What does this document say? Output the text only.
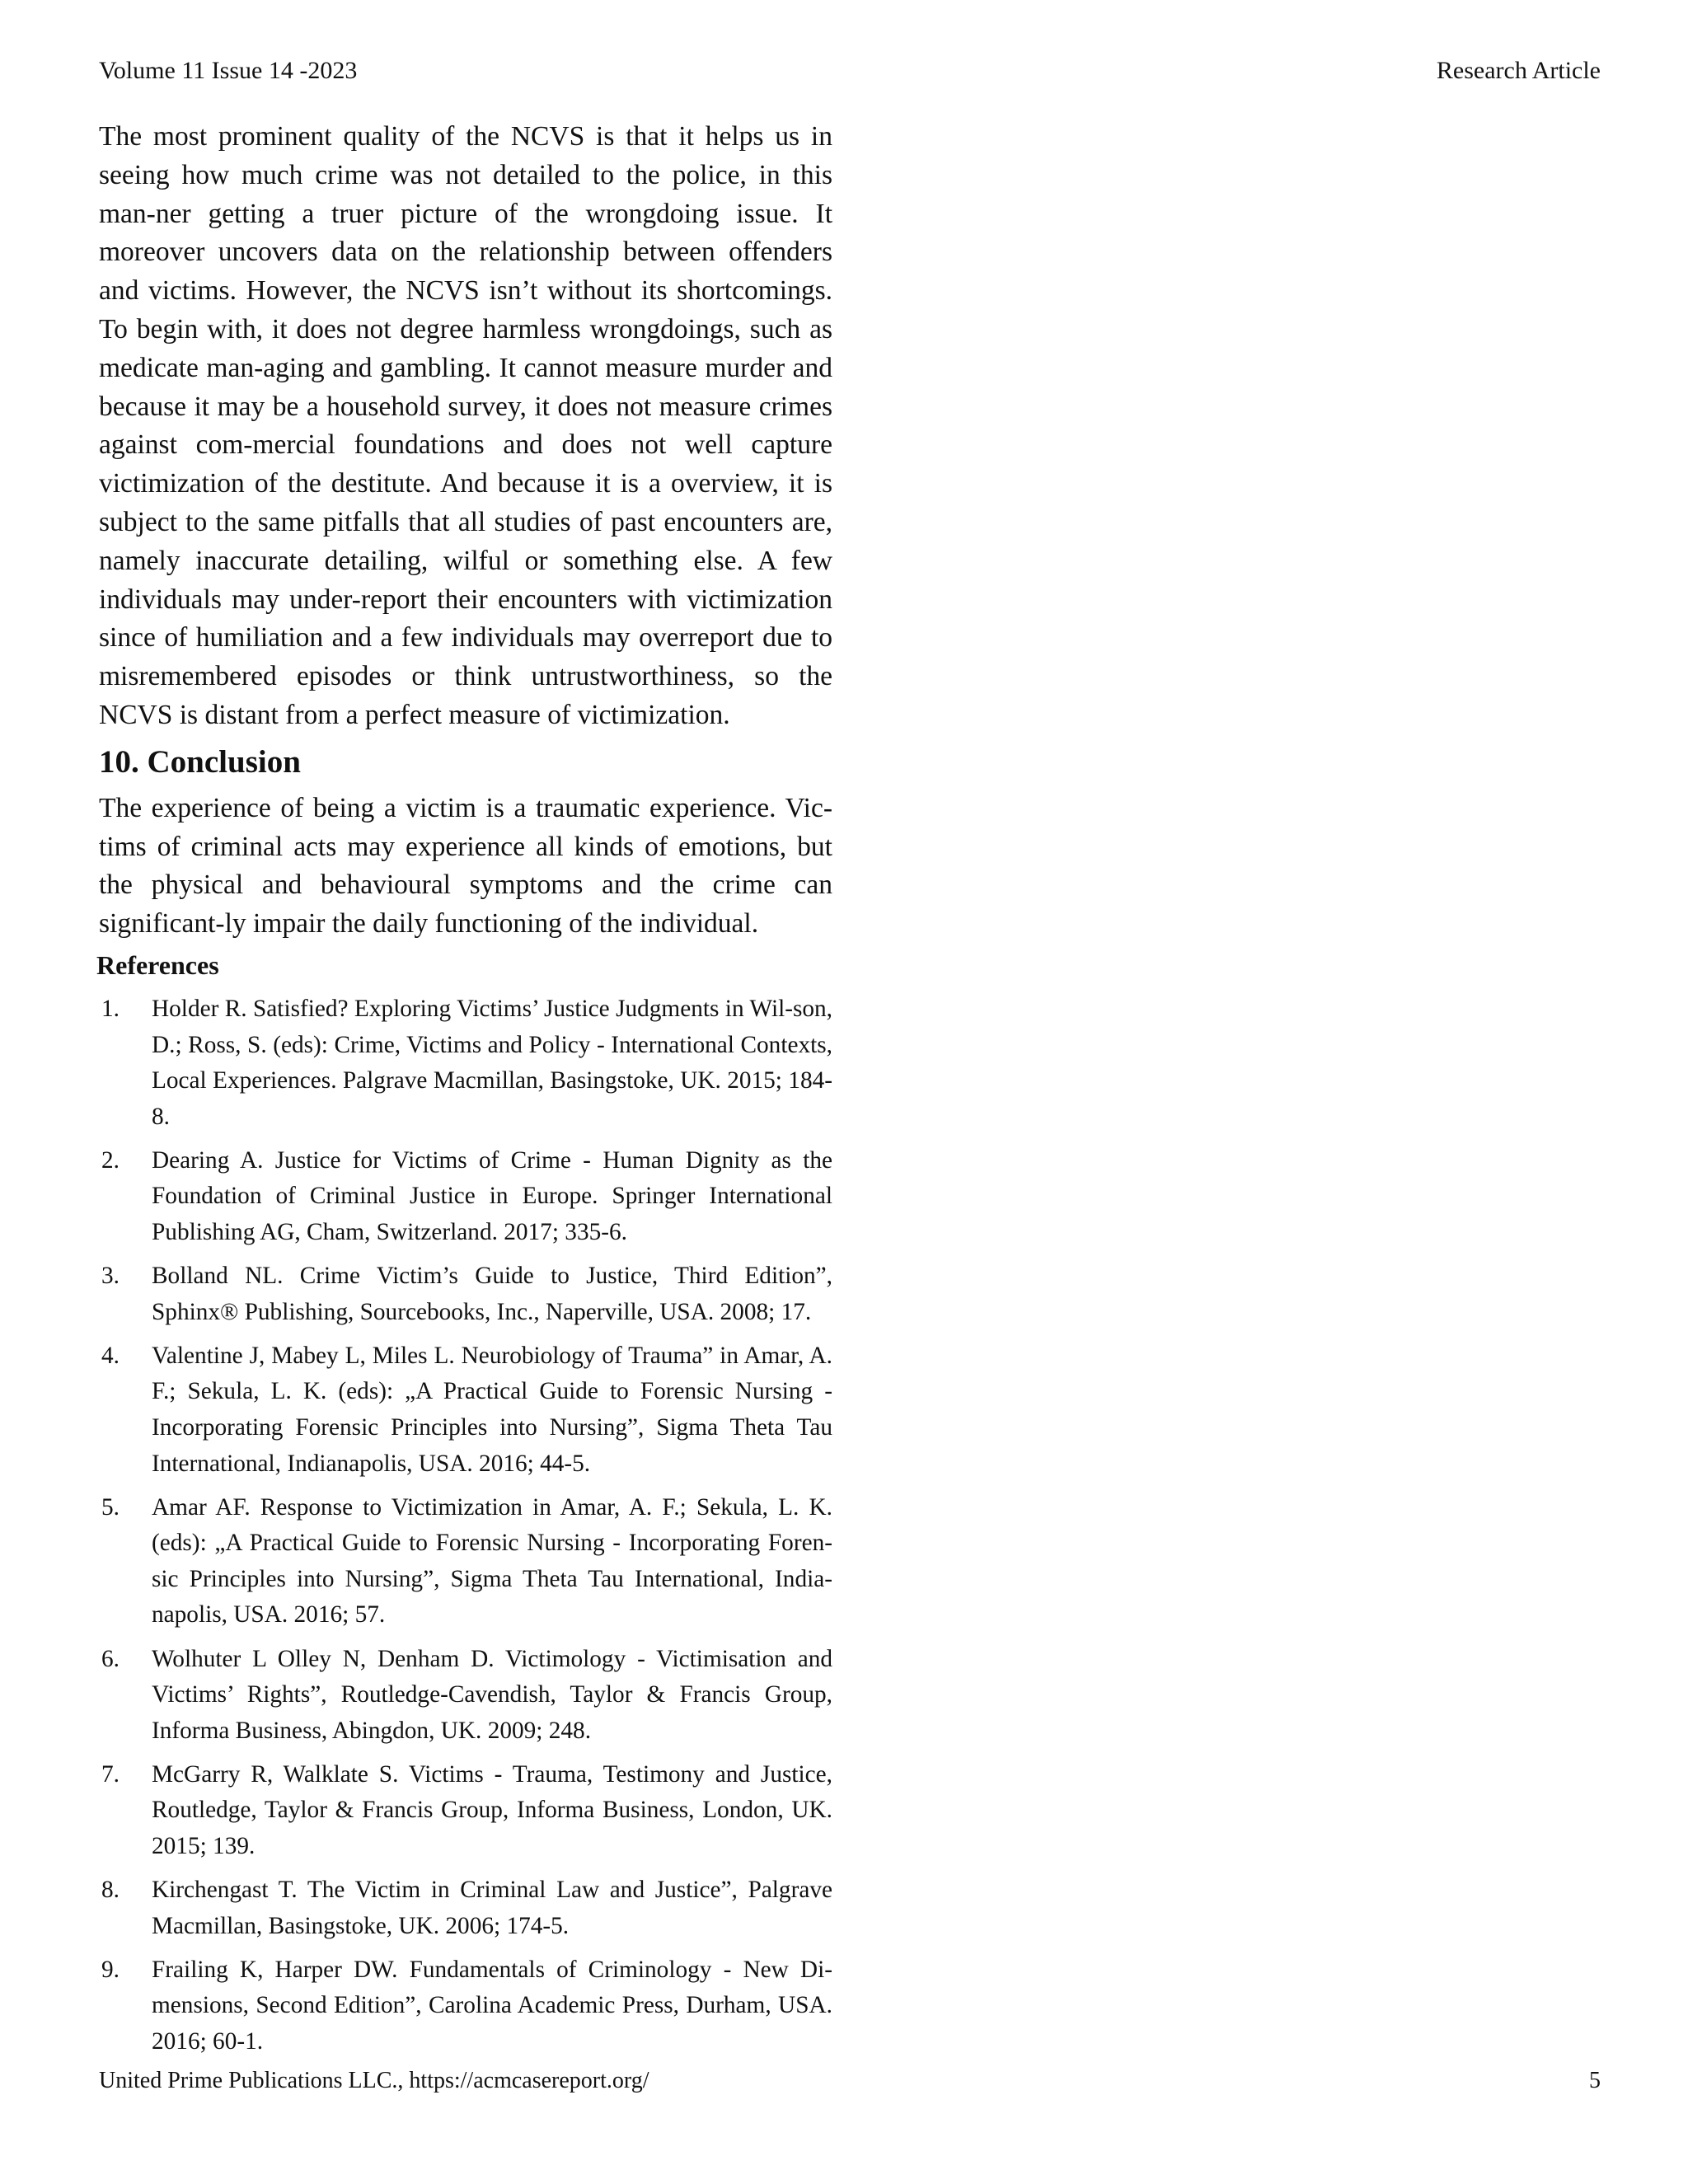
Volume 11 Issue 14 -2023	Research Article

The most prominent quality of the NCVS is that it helps us in seeing how much crime was not detailed to the police, in this man-ner getting a truer picture of the wrongdoing issue. It moreover uncovers data on the relationship between offenders and victims. However, the NCVS isn’t without its shortcomings. To begin with, it does not degree harmless wrongdoings, such as medicate man-aging and gambling. It cannot measure murder and because it may be a household survey, it does not measure crimes against com-mercial foundations and does not well capture victimization of the destitute. And because it is a overview, it is subject to the same pitfalls that all studies of past encounters are, namely inaccurate detailing, wilful or something else. A few individuals may under-report their encounters with victimization since of humiliation and a few individuals may overreport due to misremembered episodes or think untrustworthiness, so the NCVS is distant from a perfect measure of victimization.

10. Conclusion

The experience of being a victim is a traumatic experience. Vic-tims of criminal acts may experience all kinds of emotions, but the physical and behavioural symptoms and the crime can significant-ly impair the daily functioning of the individual.

References
1.	Holder R. Satisfied? Exploring Victims’ Justice Judgments in Wil-son, D.; Ross, S. (eds): Crime, Victims and Policy - International Contexts, Local Experiences. Palgrave Macmillan, Basingstoke, UK. 2015; 184-8.
2.	Dearing A. Justice for Victims of Crime - Human Dignity as the Foundation of Criminal Justice in Europe. Springer International Publishing AG, Cham, Switzerland. 2017; 335-6.
3.	Bolland NL. Crime Victim’s Guide to Justice, Third Edition”, Sphinx® Publishing, Sourcebooks, Inc., Naperville, USA. 2008; 17.
4.	Valentine J, Mabey L, Miles L. Neurobiology of Trauma” in Amar, A. F.; Sekula, L. K. (eds): „A Practical Guide to Forensic Nursing - Incorporating Forensic Principles into Nursing”, Sigma Theta Tau International, Indianapolis, USA. 2016; 44-5.
5.	Amar AF. Response to Victimization in Amar, A. F.; Sekula, L. K. (eds): „A Practical Guide to Forensic Nursing - Incorporating Foren-sic Principles into Nursing”, Sigma Theta Tau International, India-napolis, USA. 2016; 57.
6.	Wolhuter L Olley N, Denham D. Victimology - Victimisation and Victims’ Rights”, Routledge-Cavendish, Taylor & Francis Group, Informa Business, Abingdon, UK. 2009; 248.
7.	McGarry R, Walklate S. Victims - Trauma, Testimony and Justice, Routledge, Taylor & Francis Group, Informa Business, London, UK. 2015; 139.
8.	Kirchengast T. The Victim in Criminal Law and Justice”, Palgrave Macmillan, Basingstoke, UK. 2006; 174-5.
9.	Frailing K, Harper DW. Fundamentals of Criminology - New Di-mensions, Second Edition”, Carolina Academic Press, Durham, USA. 2016; 60-1.
United Prime Publications LLC., https://acmcasereport.org/	5
